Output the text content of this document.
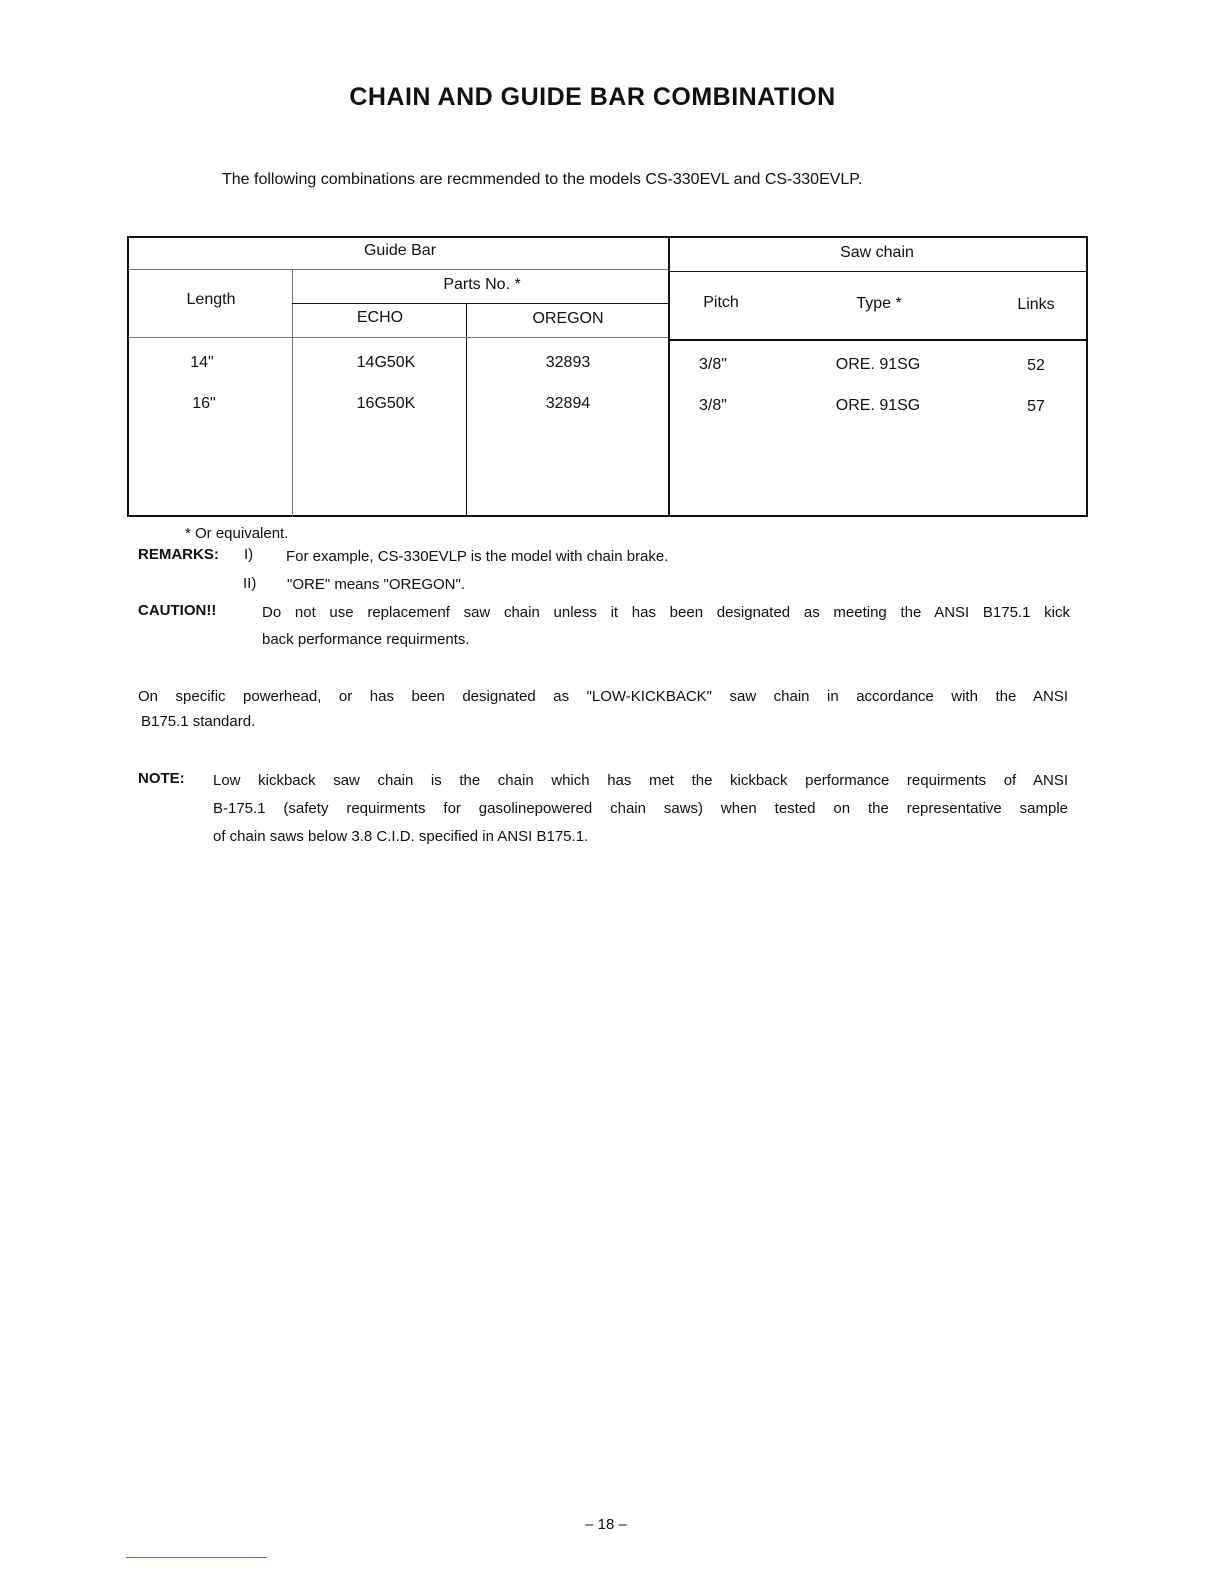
CHAIN AND GUIDE BAR COMBINATION
The following combinations are recmmended to the models CS-330EVL and CS-330EVLP.
Guide Bar	Saw chain
Length
Parts No. *
ECHO	OREGON
Pitch	Type *	Links
14"	14G50K	32893	3/8"	ORE. 91SG	52
16"	16G50K	32894	3/8"	ORE. 91SG	57
* Or equivalent.
REMARKS: I) For example, CS-330EVLP is the model with chain brake.
II) "ORE" means "OREGON".
CAUTION!!	Do not use replacemenf saw chain unless it has been designated as meeting the ANSI B175.1 kick
back performance requirments.
On specific powerhead, or has been designated as "LOW-KICKBACK" saw chain in accordance with the ANSI
B175.1 standard.
NOTE: Low kickback saw chain is the chain which has met the kickback performance requirments of ANSI
B-175.1 (safety requirments for gasolinepowered chain saws) when tested on the representative sample
of chain saws below 3.8 C.I.D. specified in ANSI B175.1.
– 18 –
